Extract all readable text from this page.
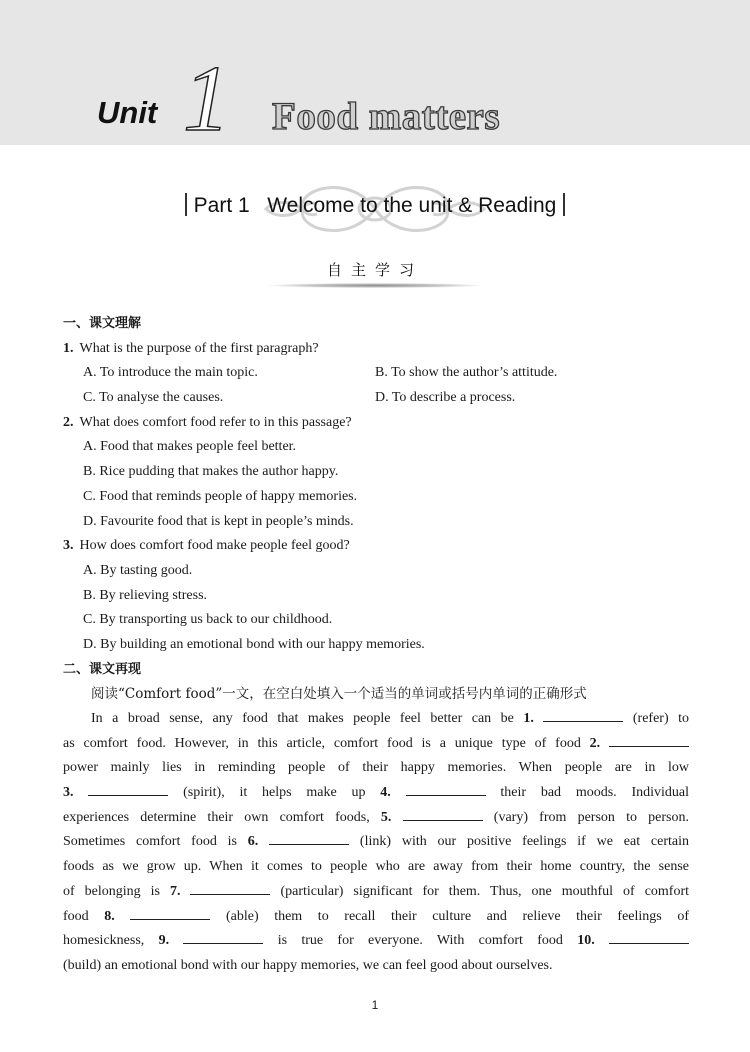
Unit 1 Food matters
Part 1   Welcome to the unit & Reading
自主学习
一、课文理解
1. What is the purpose of the first paragraph?
A. To introduce the main topic.	B. To show the author’s attitude.
C. To analyse the causes.	D. To describe a process.
2. What does comfort food refer to in this passage?
A. Food that makes people feel better.
B. Rice pudding that makes the author happy.
C. Food that reminds people of happy memories.
D. Favourite food that is kept in people’s minds.
3. How does comfort food make people feel good?
A. By tasting good.
B. By relieving stress.
C. By transporting us back to our childhood.
D. By building an emotional bond with our happy memories.
二、课文再现
阅读“Comfort food”一文，在空白处填入一个适当的单词或括号内单词的正确形式
In a broad sense, any food that makes people feel better can be 1.	(refer) to
as comfort food. However, in this article, comfort food is a unique type of food 2.
power mainly lies in reminding people of their happy memories. When people are in low
3.	(spirit), it helps make up 4.	their bad moods. Individual
experiences determine their own comfort foods, 5.	(vary) from person to person.
Sometimes comfort food is 6.	(link) with our positive feelings if we eat certain
foods as we grow up. When it comes to people who are away from their home country, the sense
of belonging is 7.	(particular) significant for them. Thus, one mouthful of comfort
food 8.	(able) them to recall their culture and relieve their feelings of
homesickness, 9.	is true for everyone. With comfort food 10.
(build) an emotional bond with our happy memories, we can feel good about ourselves.
1
